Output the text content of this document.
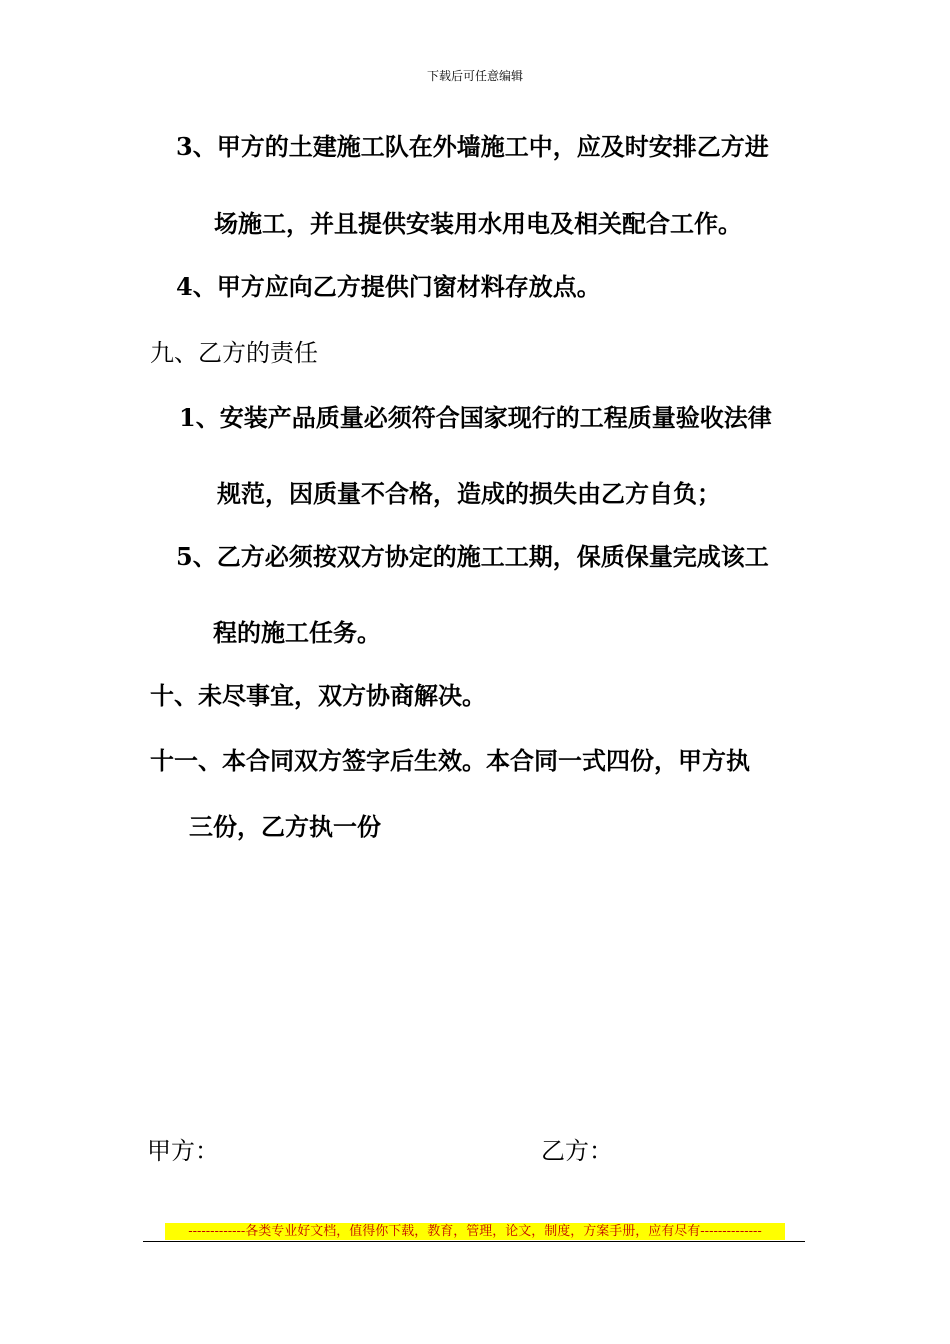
下载后可任意编辑
3、甲方的土建施工队在外墙施工中，应及时安排乙方进
场施工，并且提供安装用水用电及相关配合工作。
4、甲方应向乙方提供门窗材料存放点。
九、乙方的责任
1、安装产品质量必须符合国家现行的工程质量验收法律
规范，因质量不合格，造成的损失由乙方自负；
5、乙方必须按双方协定的施工工期，保质保量完成该工
程的施工任务。
十、未尽事宜，双方协商解决。
十一、本合同双方签字后生效。本合同一式四份，甲方执
三份，乙方执一份
甲方：	乙方：
-------------各类专业好文档，值得你下载，教育，管理，论文，制度，方案手册，应有尽有--------------
